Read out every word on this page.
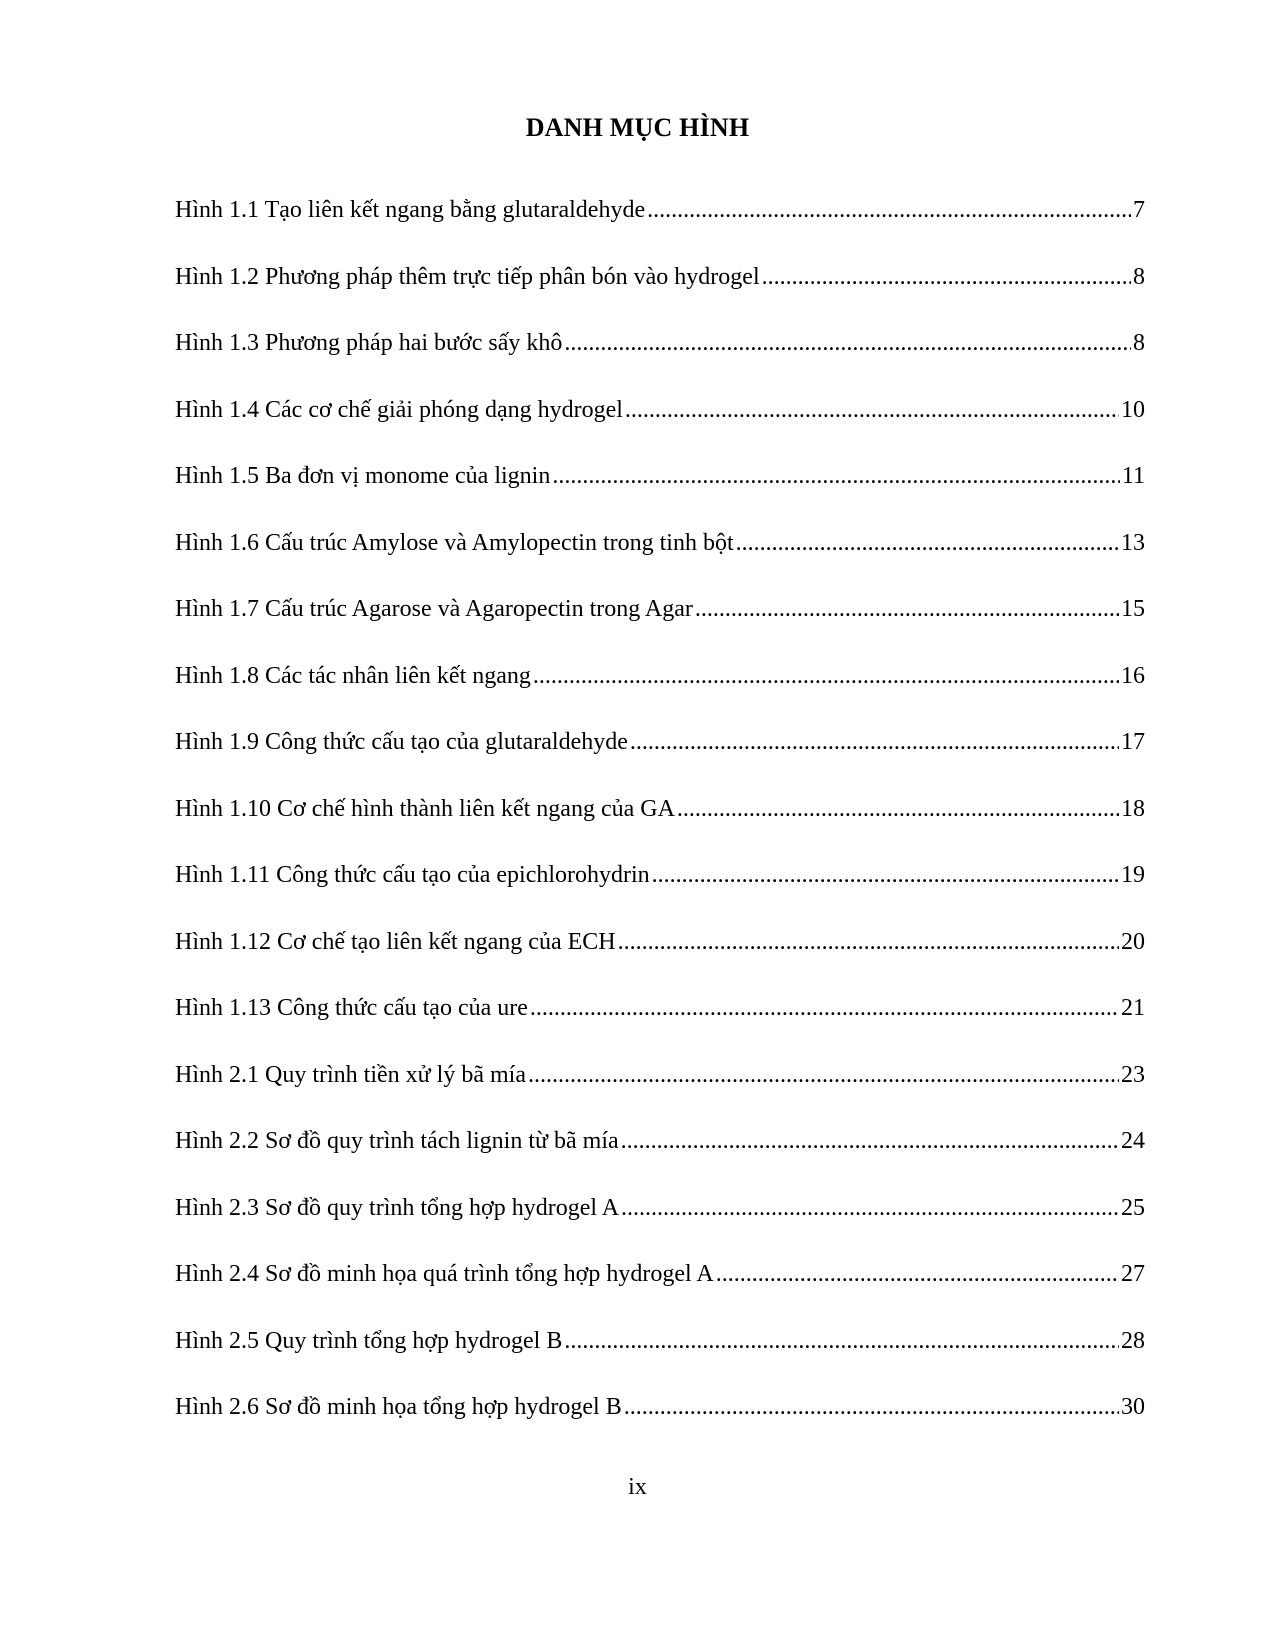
DANH MỤC HÌNH
Hình 1.1 Tạo liên kết ngang bằng glutaraldehyde .....	7
Hình 1.2 Phương pháp thêm trực tiếp phân bón vào hydrogel .....	8
Hình 1.3 Phương pháp hai bước sấy khô .....	8
Hình 1.4 Các cơ chế giải phóng dạng hydrogel .....	10
Hình 1.5 Ba đơn vị monome của lignin .....	11
Hình 1.6 Cấu trúc Amylose và Amylopectin trong tinh bột .....	13
Hình 1.7 Cấu trúc Agarose và Agaropectin trong Agar .....	15
Hình 1.8 Các tác nhân liên kết ngang .....	16
Hình 1.9 Công thức cấu tạo của glutaraldehyde .....	17
Hình 1.10 Cơ chế hình thành liên kết ngang của GA .....	18
Hình 1.11 Công thức cấu tạo của epichlorohydrin .....	19
Hình 1.12 Cơ chế tạo liên kết ngang của ECH .....	20
Hình 1.13 Công thức cấu tạo của ure .....	21
Hình 2.1 Quy trình tiền xử lý bã mía .....	23
Hình 2.2 Sơ đồ quy trình tách lignin từ bã mía .....	24
Hình 2.3 Sơ đồ quy trình tổng hợp hydrogel A .....	25
Hình 2.4 Sơ đồ minh họa quá trình tổng hợp hydrogel A .....	27
Hình 2.5 Quy trình tổng hợp hydrogel B .....	28
Hình 2.6 Sơ đồ minh họa tổng hợp hydrogel B .....	30
ix
